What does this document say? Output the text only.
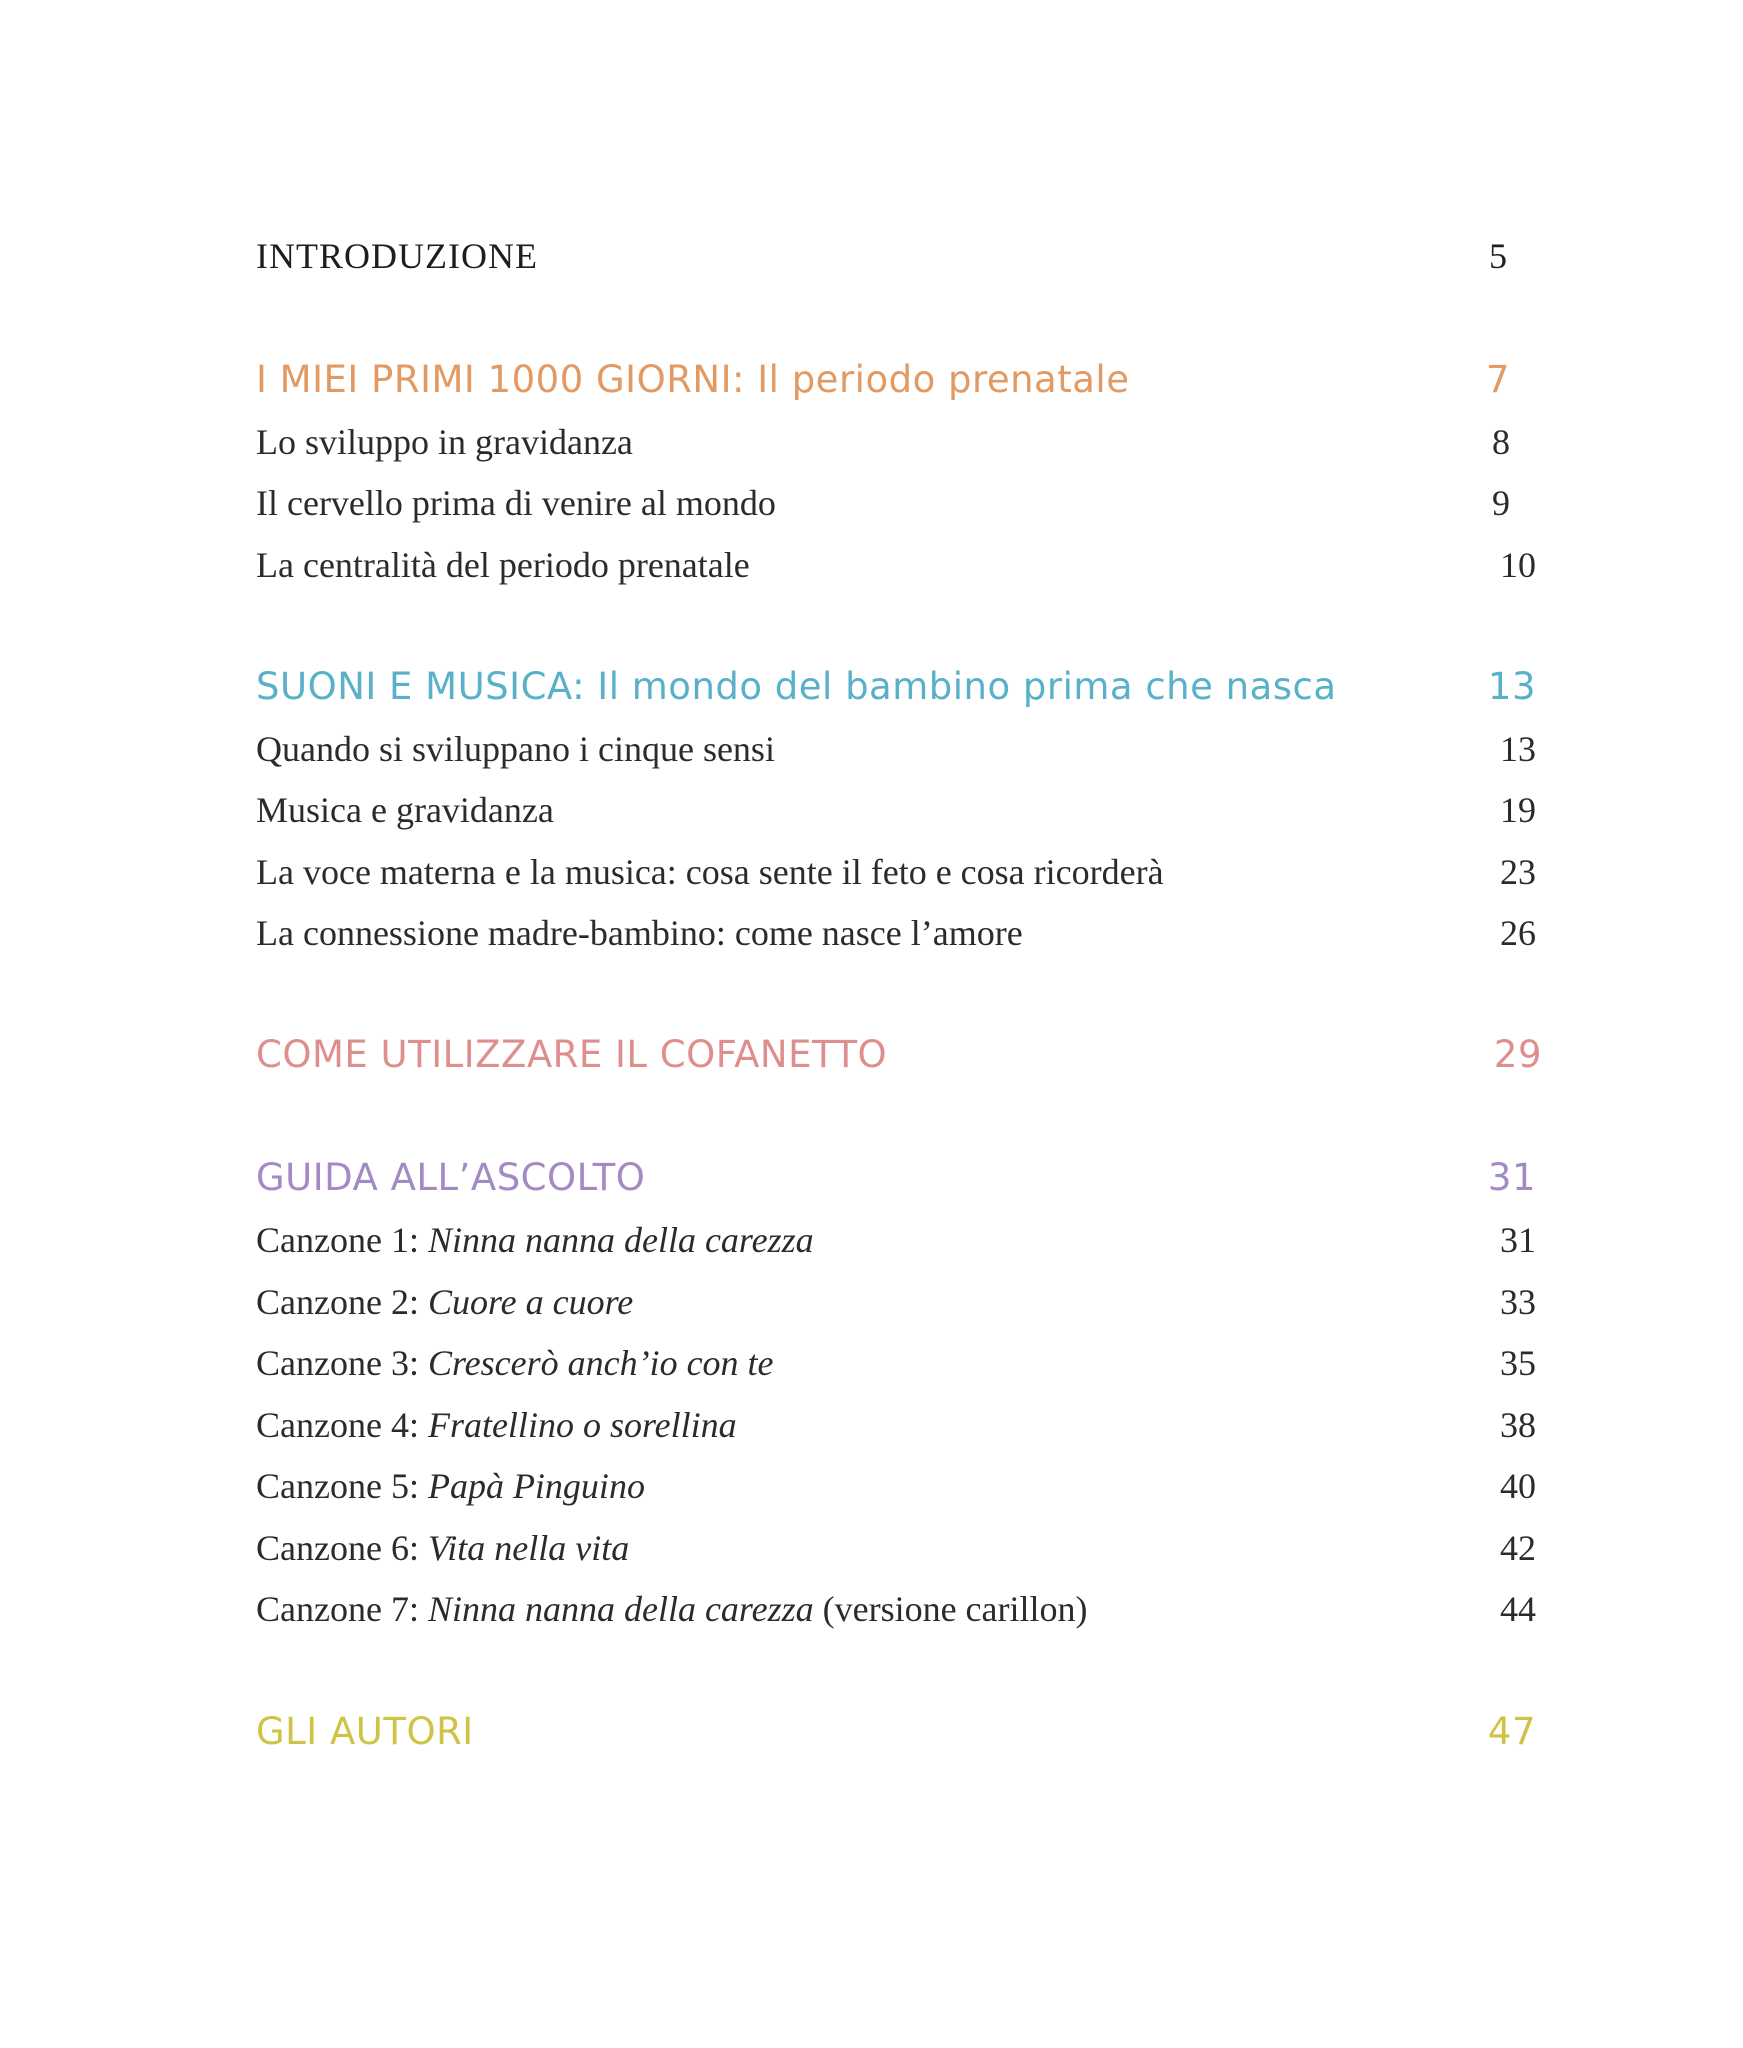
INTRODUZIONE	5
I MIEI PRIMI 1000 GIORNI: Il periodo prenatale	7
Lo sviluppo in gravidanza	8
Il cervello prima di venire al mondo	9
La centralità del periodo prenatale	10
SUONI E MUSICA: Il mondo del bambino prima che nasca	13
Quando si sviluppano i cinque sensi	13
Musica e gravidanza	19
La voce materna e la musica: cosa sente il feto e cosa ricorderà	23
La connessione madre-bambino: come nasce l’amore	26
COME UTILIZZARE IL COFANETTO	29
GUIDA ALL’ASCOLTO	31
Canzone 1: Ninna nanna della carezza	31
Canzone 2: Cuore a cuore	33
Canzone 3: Crescerò anch’io con te	35
Canzone 4: Fratellino o sorellina	38
Canzone 5: Papà Pinguino	40
Canzone 6: Vita nella vita	42
Canzone 7: Ninna nanna della carezza (versione carillon)	44
GLI AUTORI	47
